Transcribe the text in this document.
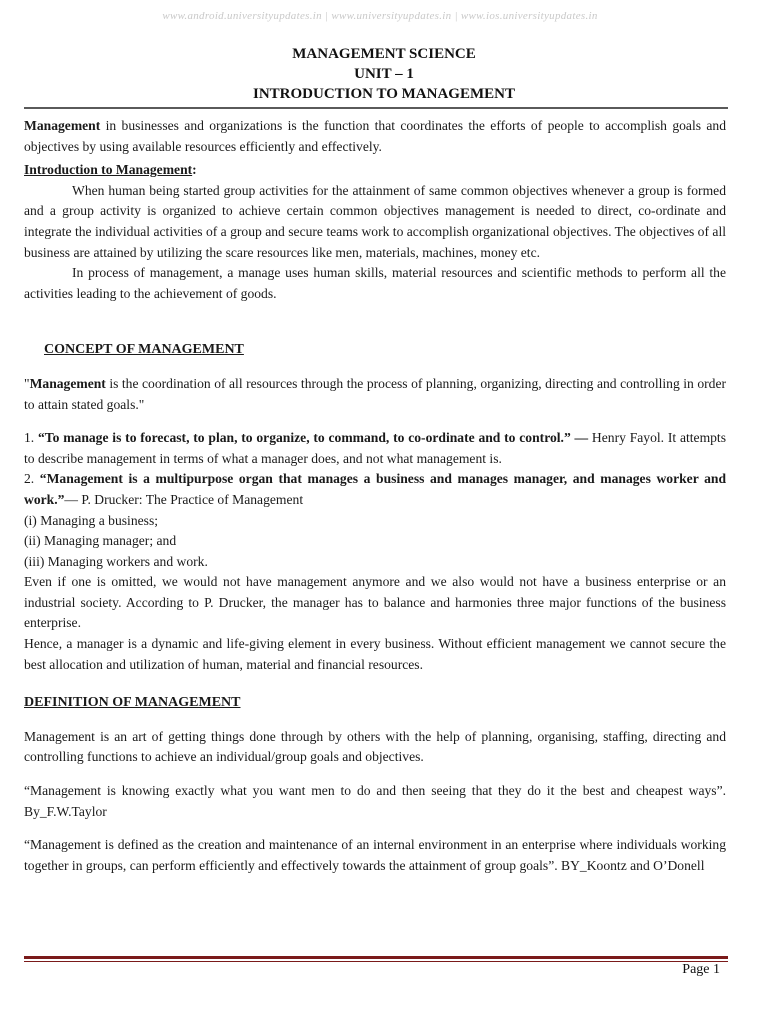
www.android.universityupdates.in | www.universityupdates.in | www.ios.universityupdates.in
MANAGEMENT SCIENCE
UNIT – 1
INTRODUCTION TO MANAGEMENT

Management in businesses and organizations is the function that coordinates the efforts of people to accomplish goals and objectives by using available resources efficiently and effectively.

Introduction to Management:

When human being started group activities for the attainment of same common objectives whenever a group is formed and a group activity is organized to achieve certain common objectives management is needed to direct, co-ordinate and integrate the individual activities of a group and secure teams work to accomplish organizational objectives. The objectives of all business are attained by utilizing the scare resources like men, materials, machines, money etc.

In process of management, a manage uses human skills, material resources and scientific methods to perform all the activities leading to the achievement of goods.

CONCEPT OF MANAGEMENT

"Management is the coordination of all resources through the process of planning, organizing, directing and controlling in order to attain stated goals."

1. “To manage is to forecast, to plan, to organize, to command, to co-ordinate and to control.” — Henry Fayol. It attempts to describe management in terms of what a manager does, and not what management is.

2. “Management is a multipurpose organ that manages a business and manages manager, and manages worker and work.”— P. Drucker: The Practice of Management

(i) Managing a business;

(ii) Managing manager; and

(iii) Managing workers and work.

Even if one is omitted, we would not have management anymore and we also would not have a business enterprise or an industrial society. According to P. Drucker, the manager has to balance and harmonies three major functions of the business enterprise.

Hence, a manager is a dynamic and life-giving element in every business. Without efficient management we cannot secure the best allocation and utilization of human, material and financial resources.

DEFINITION OF MANAGEMENT

Management is an art of getting things done through by others with the help of planning, organising, staffing, directing and controlling functions to achieve an individual/group goals and objectives.

“Management is knowing exactly what you want men to do and then seeing that they do it the best and cheapest ways”. By_F.W.Taylor

“Management is defined as the creation and maintenance of an internal environment in an enterprise where individuals working together in groups, can perform efficiently and effectively towards the attainment of group goals”. BY_Koontz and O’Donell

Page 1
